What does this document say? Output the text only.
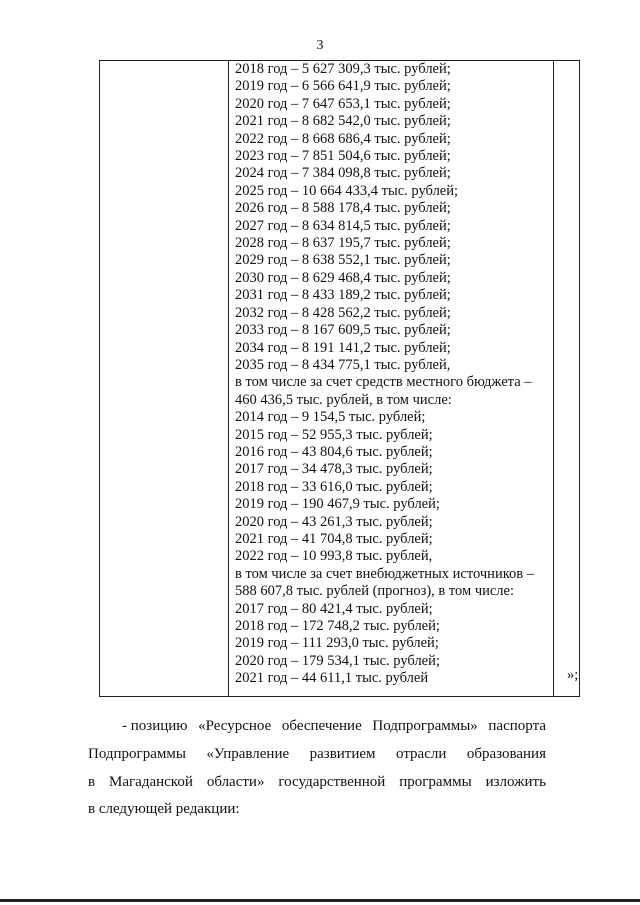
3
2018 год – 5 627 309,3 тыс. рублей;
2019 год – 6 566 641,9 тыс. рублей;
2020 год – 7 647 653,1 тыс. рублей;
2021 год – 8 682 542,0 тыс. рублей;
2022 год – 8 668 686,4 тыс. рублей;
2023 год – 7 851 504,6 тыс. рублей;
2024 год – 7 384 098,8 тыс. рублей;
2025 год – 10 664 433,4 тыс. рублей;
2026 год – 8 588 178,4 тыс. рублей;
2027 год – 8 634 814,5 тыс. рублей;
2028 год – 8 637 195,7 тыс. рублей;
2029 год – 8 638 552,1 тыс. рублей;
2030 год – 8 629 468,4 тыс. рублей;
2031 год – 8 433 189,2 тыс. рублей;
2032 год – 8 428 562,2 тыс. рублей;
2033 год – 8 167 609,5 тыс. рублей;
2034 год – 8 191 141,2 тыс. рублей;
2035 год – 8 434 775,1 тыс. рублей,
в том числе за счет средств местного бюджета –
460 436,5 тыс. рублей, в том числе:
2014 год – 9 154,5 тыс. рублей;
2015 год – 52 955,3 тыс. рублей;
2016 год – 43 804,6 тыс. рублей;
2017 год – 34 478,3 тыс. рублей;
2018 год – 33 616,0 тыс. рублей;
2019 год – 190 467,9 тыс. рублей;
2020 год – 43 261,3 тыс. рублей;
2021 год – 41 704,8 тыс. рублей;
2022 год – 10 993,8 тыс. рублей,
в том числе за счет внебюджетных источников –
588 607,8 тыс. рублей (прогноз), в том числе:
2017 год – 80 421,4 тыс. рублей;
2018 год – 172 748,2 тыс. рублей;
2019 год – 111 293,0 тыс. рублей;
2020 год – 179 534,1 тыс. рублей;
2021 год – 44 611,1 тыс. рублей	»;
- позицию «Ресурсное обеспечение Подпрограммы» паспорта
Подпрограммы «Управление развитием отрасли образования
в Магаданской области» государственной программы изложить
в следующей редакции:
